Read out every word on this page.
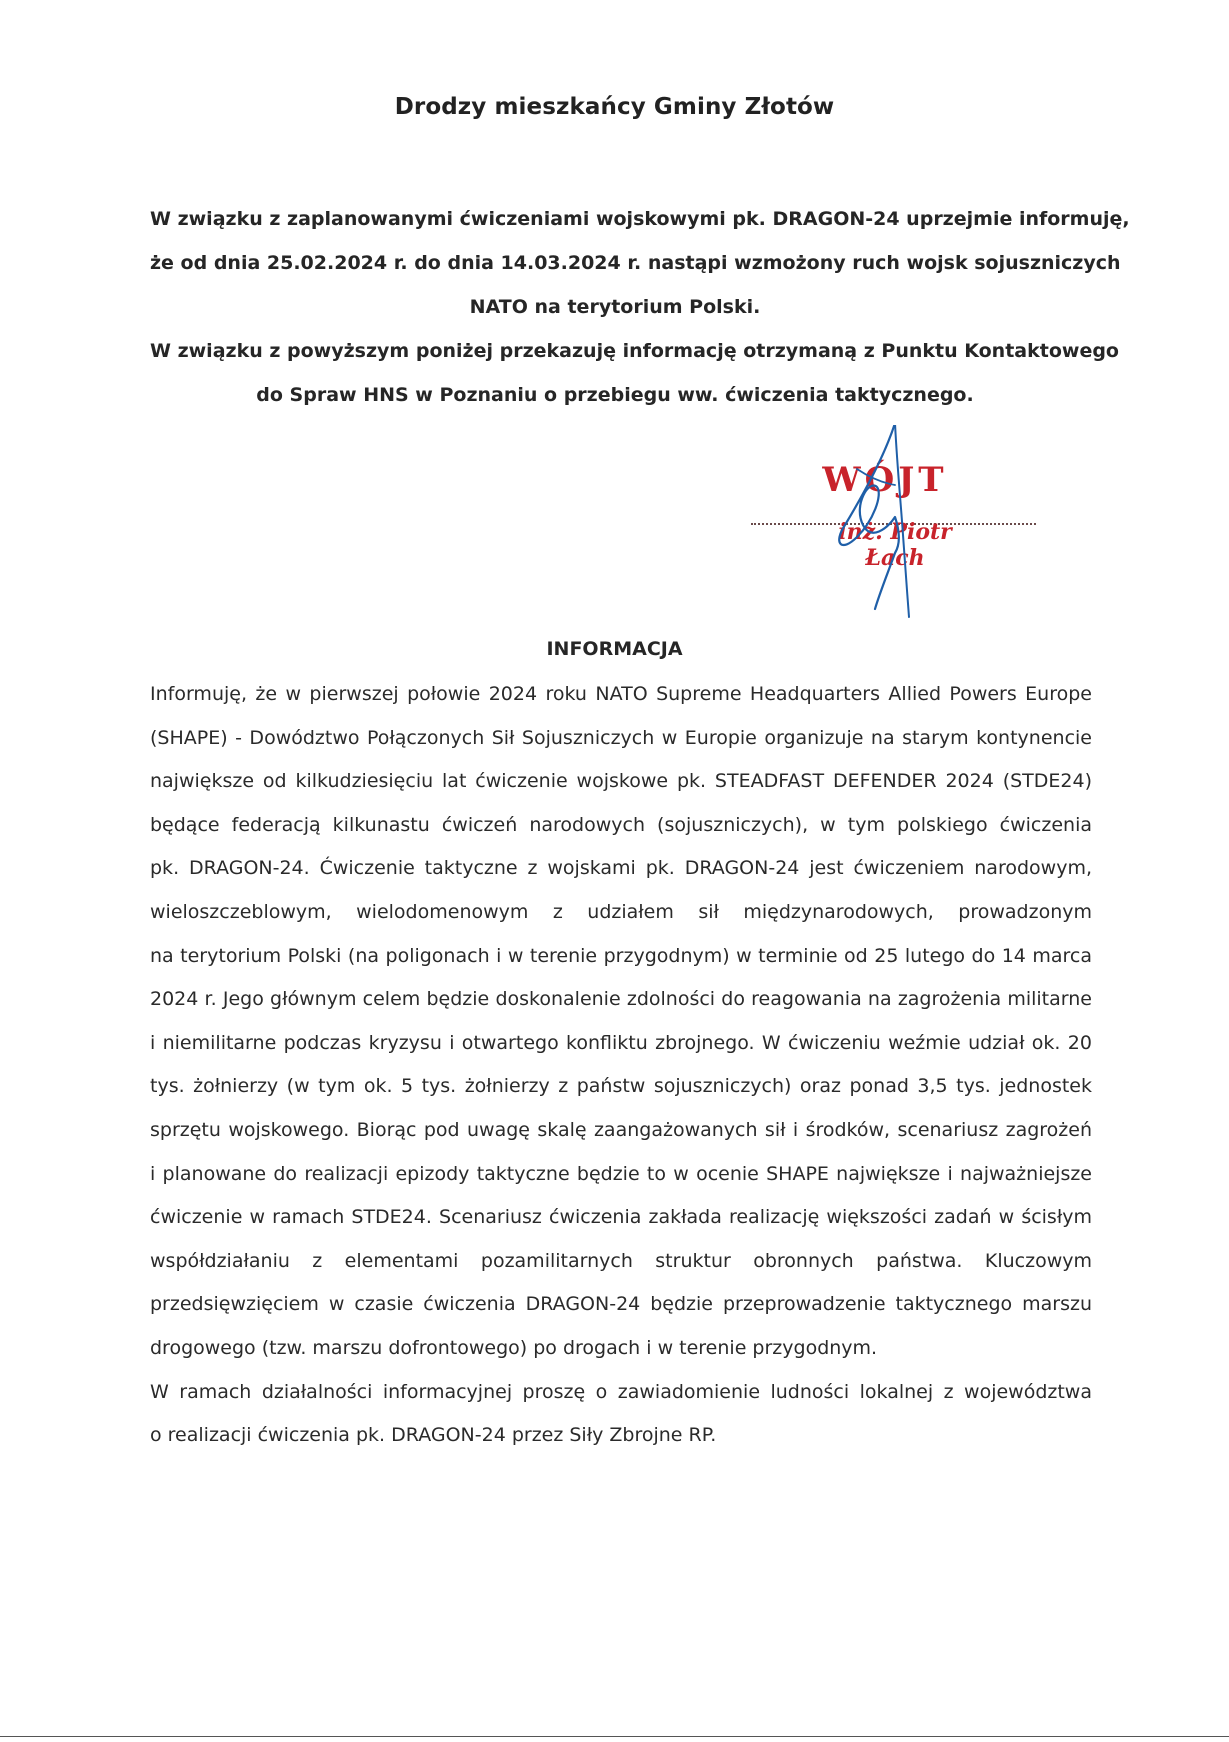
Drodzy mieszkańcy Gminy Złotów
W związku z zaplanowanymi ćwiczeniami wojskowymi pk. DRAGON-24 uprzejmie informuję,
że od dnia 25.02.2024 r. do dnia 14.03.2024 r. nastąpi wzmożony ruch wojsk sojuszniczych
NATO na terytorium Polski.
W związku z powyższym poniżej przekazuję informację otrzymaną z Punktu Kontaktowego
do Spraw HNS w Poznaniu o przebiegu ww. ćwiczenia taktycznego.
WÓJT
inż. Piotr Łach
INFORMACJA
Informuję, że w pierwszej połowie 2024 roku NATO Supreme Headquarters Allied Powers Europe
(SHAPE) - Dowództwo Połączonych Sił Sojuszniczych w Europie organizuje na starym kontynencie
największe od kilkudziesięciu lat ćwiczenie wojskowe pk. STEADFAST DEFENDER 2024 (STDE24)
będące federacją kilkunastu ćwiczeń narodowych (sojuszniczych), w tym polskiego ćwiczenia
pk. DRAGON-24. Ćwiczenie taktyczne z wojskami pk. DRAGON-24 jest ćwiczeniem narodowym,
wieloszczeblowym, wielodomenowym z udziałem sił międzynarodowych, prowadzonym
na terytorium Polski (na poligonach i w terenie przygodnym) w terminie od 25 lutego do 14 marca
2024 r. Jego głównym celem będzie doskonalenie zdolności do reagowania na zagrożenia militarne
i niemilitarne podczas kryzysu i otwartego konfliktu zbrojnego. W ćwiczeniu weźmie udział ok. 20
tys. żołnierzy (w tym ok. 5 tys. żołnierzy z państw sojuszniczych) oraz ponad 3,5 tys. jednostek
sprzętu wojskowego. Biorąc pod uwagę skalę zaangażowanych sił i środków, scenariusz zagrożeń
i planowane do realizacji epizody taktyczne będzie to w ocenie SHAPE największe i najważniejsze
ćwiczenie w ramach STDE24. Scenariusz ćwiczenia zakłada realizację większości zadań w ścisłym
współdziałaniu z elementami pozamilitarnych struktur obronnych państwa. Kluczowym
przedsięwzięciem w czasie ćwiczenia DRAGON-24 będzie przeprowadzenie taktycznego marszu
drogowego (tzw. marszu dofrontowego) po drogach i w terenie przygodnym.
W ramach działalności informacyjnej proszę o zawiadomienie ludności lokalnej z województwa
o realizacji ćwiczenia pk. DRAGON-24 przez Siły Zbrojne RP.
